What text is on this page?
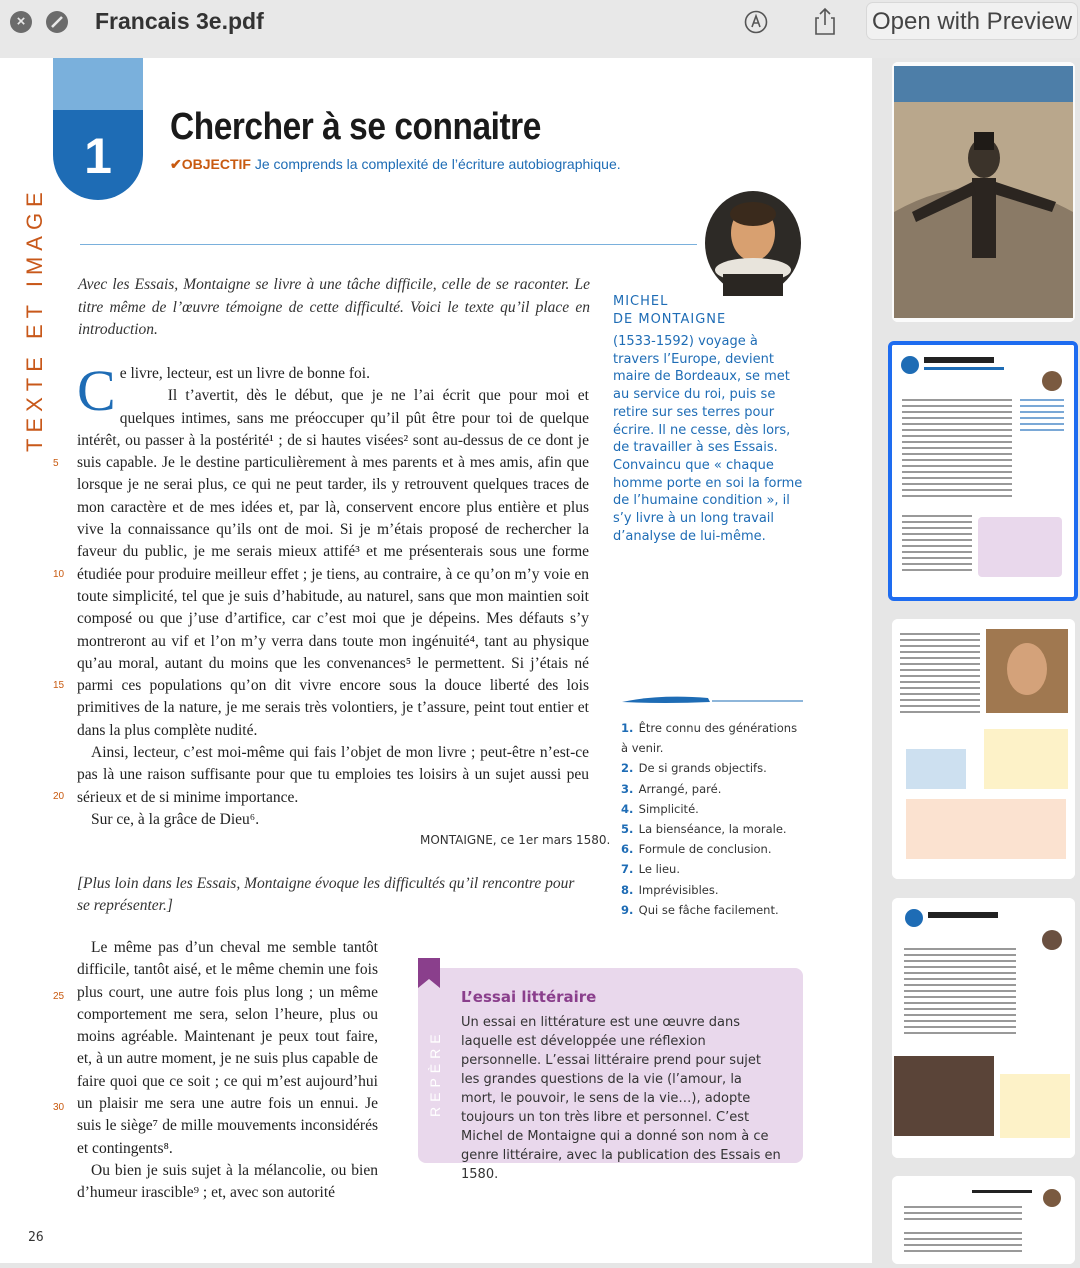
×	Francais 3e.pdf	Open with Preview
TEXTE ET IMAGE
1
Chercher à se connaitre
✔OBJECTIF Je comprends la complexité de l’écriture autobiographique.
Avec les Essais, Montaigne se livre à une tâche difficile, celle de se raconter. Le titre même de l’œuvre témoigne de cette difficulté. Voici le texte qu’il place en introduction.

Ce livre, lecteur, est un livre de bonne foi.
Il t’avertit, dès le début, que je ne l’ai écrit que pour moi et quelques intimes, sans me préoccuper qu’il pût être pour toi de quelque intérêt, ou passer à la postérité¹ ; de si hautes visées² sont au-dessus de ce dont je suis capable. Je le destine particulièrement à mes parents et à mes amis, afin que lorsque je ne serai plus, ce qui ne peut tarder, ils y retrouvent quelques traces de mon caractère et de mes idées et, par là, conservent encore plus entière et plus vive la connaissance qu’ils ont de moi. Si je m’étais proposé de rechercher la faveur du public, je me serais mieux attifé³ et me présenterais sous une forme étudiée pour produire meilleur effet ; je tiens, au contraire, à ce qu’on m’y voie en toute simplicité, tel que je suis d’habitude, au naturel, sans que mon maintien soit composé ou que j’use d’artifice, car c’est moi que je dépeins. Mes défauts s’y montreront au vif et l’on m’y verra dans toute mon ingénuité⁴, tant au physique qu’au moral, autant du moins que les convenances⁵ le permettent. Si j’étais né parmi ces populations qu’on dit vivre encore sous la douce liberté des lois primitives de la nature, je me serais très volontiers, je t’assure, peint tout entier et dans la plus complète nudité.

Ainsi, lecteur, c’est moi-même qui fais l’objet de mon livre ; peut-être n’est-ce pas là une raison suffisante pour que tu emploies tes loisirs à un sujet aussi peu sérieux et de si minime importance.

Sur ce, à la grâce de Dieu⁶.

5
10
15
20
25
30
MONTAIGNE, ce 1er mars 1580.
[Plus loin dans les Essais, Montaigne évoque les difficultés qu’il rencontre pour se représenter.]

Le même pas d’un cheval me semble tantôt difficile, tantôt aisé, et le même chemin une fois plus court, une autre fois plus long ; un même comportement me sera, selon l’heure, plus ou moins agréable. Maintenant je peux tout faire, et, à un autre moment, je ne suis plus capable de faire quoi que ce soit ; ce qui m’est aujourd’hui un plaisir me sera une autre fois un ennui. Je suis le siège⁷ de mille mouvements inconsidérés et contingents⁸.

Ou bien je suis sujet à la mélancolie, ou bien d’humeur irascible⁹ ; et, avec son autorité

MICHEL
DE MONTAIGNE
(1533-1592) voyage à travers l’Europe, devient maire de Bordeaux, se met au service du roi, puis se retire sur ses terres pour écrire. Il ne cesse, dès lors, de travailler à ses Essais. Convaincu que « chaque homme porte en soi la forme de l’humaine condition », il s’y livre à un long travail d’analyse de lui-même.
1. Être connu des générations à venir.
2. De si grands objectifs.
3. Arrangé, paré.
4. Simplicité.
5. La bienséance, la morale.
6. Formule de conclusion.
7. Le lieu.
8. Imprévisibles.
9. Qui se fâche facilement.
REPÈRE
L’essai littéraire
Un essai en littérature est une œuvre dans laquelle est développée une réflexion personnelle. L’essai littéraire prend pour sujet les grandes questions de la vie (l’amour, la mort, le pouvoir, le sens de la vie…), adopte toujours un ton très libre et personnel. C’est Michel de Montaigne qui a donné son nom à ce genre littéraire, avec la publication des Essais en 1580.
26
